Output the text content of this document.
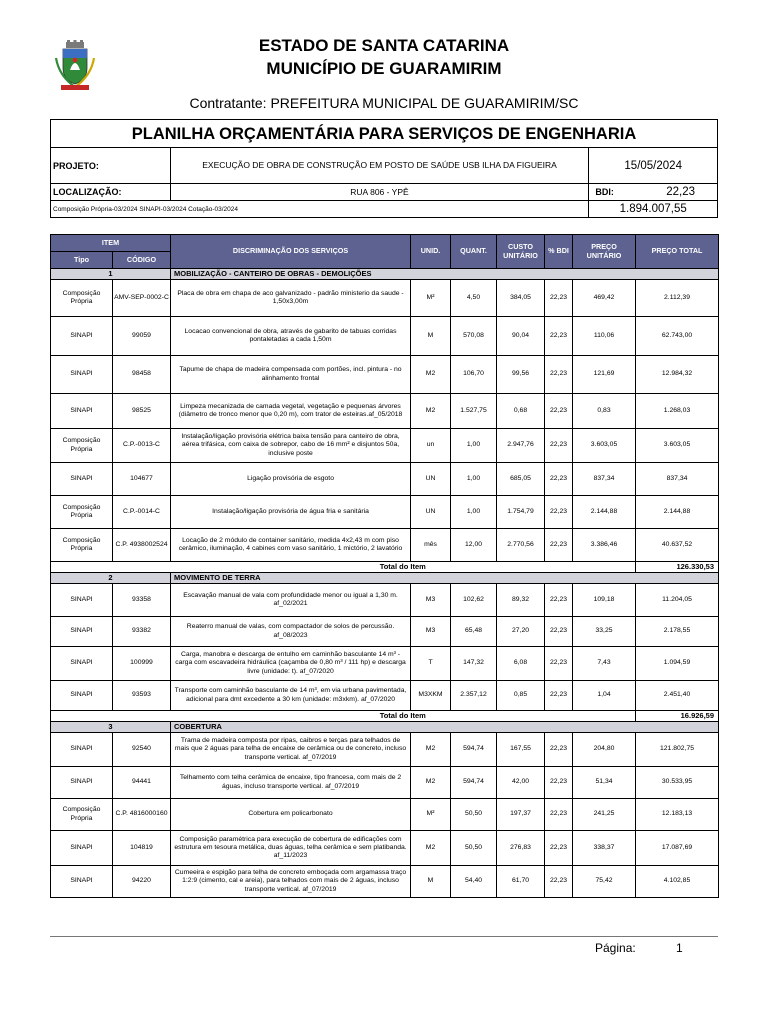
ESTADO DE SANTA CATARINA
MUNICÍPIO DE GUARAMIRIM
Contratante: PREFEITURA MUNICIPAL DE GUARAMIRIM/SC
PLANILHA ORÇAMENTÁRIA PARA SERVIÇOS DE ENGENHARIA
PROJETO:	EXECUÇÃO DE OBRA DE CONSTRUÇÃO EM POSTO DE SAÚDE USB ILHA DA FIGUEIRA	15/05/2024
LOCALIZAÇÃO:	RUA 806 - YPÊ	BDI:	22,23
Composição Própria-03/2024 SINAPI-03/2024 Cotação-03/2024	1.894.007,55
ITEM		DISCRIMINAÇÃO DOS SERVIÇOS	UNID.	QUANT.	CUSTO UNITÁRIO	% BDI	PREÇO UNITÁRIO	PREÇO TOTAL
Tipo	CÓDIGO							
1		MOBILIZAÇÃO - CANTEIRO DE OBRAS - DEMOLIÇÕES						
Composição Própria	AMV-SEP-0002-C	Placa de obra em chapa de aco galvanizado - padrão ministerio da saude - 1,50x3,00m	M²	4,50	384,05	22,23	469,42	2.112,39
SINAPI	99059	Locacao convencional de obra, através de gabarito de tabuas corridas pontaletadas a cada 1,50m	M	570,08	90,04	22,23	110,06	62.743,00
SINAPI	98458	Tapume de chapa de madeira compensada com portões, incl. pintura - no alinhamento frontal	M2	106,70	99,56	22,23	121,69	12.984,32
SINAPI	98525	Limpeza mecanizada de camada vegetal, vegetação e pequenas árvores (diâmetro de tronco menor que 0,20 m), com trator de esteiras.af_05/2018	M2	1.527,75	0,68	22,23	0,83	1.268,03
Composição Própria	C.P.-0013-C	Instalação/ligação provisória elétrica baixa tensão para canteiro de obra, aérea trifásica, com caixa de sobrepor, cabo de 16 mm² e disjuntos 50a, inclusive poste	un	1,00	2.947,76	22,23	3.603,05	3.603,05
SINAPI	104677	Ligação provisória de esgoto	UN	1,00	685,05	22,23	837,34	837,34
Composição Própria	C.P.-0014-C	Instalação/ligação provisória de água fria e sanitária	UN	1,00	1.754,79	22,23	2.144,88	2.144,88
Composição Própria	C.P. 4938002524	Locação de 2 módulo de container sanitário, medida 4x2,43 m com piso cerâmico, iluminação, 4 cabines com vaso sanitário, 1 mictório, 2 lavatório	mês	12,00	2.770,56	22,23	3.386,46	40.637,52
		Total do Item						126.330,53
2		MOVIMENTO DE TERRA						
SINAPI	93358	Escavação manual de vala com profundidade menor ou igual a 1,30 m. af_02/2021	M3	102,62	89,32	22,23	109,18	11.204,05
SINAPI	93382	Reaterro manual de valas, com compactador de solos de percussão. af_08/2023	M3	65,48	27,20	22,23	33,25	2.178,55
SINAPI	100999	Carga, manobra e descarga de entulho em caminhão basculante 14 m³ - carga com escavadeira hidráulica (caçamba de 0,80 m³ / 111 hp) e descarga livre (unidade: t). af_07/2020	T	147,32	6,08	22,23	7,43	1.094,59
SINAPI	93593	Transporte com caminhão basculante de 14 m³, em via urbana pavimentada, adicional para dmt excedente a 30 km (unidade: m3xkm). af_07/2020	M3XKM	2.357,12	0,85	22,23	1,04	2.451,40
		Total do Item						16.926,59
3		COBERTURA						
SINAPI	92540	Trama de madeira composta por ripas, caibros e terças para telhados de mais que 2 águas para telha de encaixe de cerâmica ou de concreto, incluso transporte vertical. af_07/2019	M2	594,74	167,55	22,23	204,80	121.802,75
SINAPI	94441	Telhamento com telha cerâmica de encaixe, tipo francesa, com mais de 2 águas, incluso transporte vertical. af_07/2019	M2	594,74	42,00	22,23	51,34	30.533,95
Composição Própria	C.P. 4816000160	Cobertura em policarbonato	M²	50,50	197,37	22,23	241,25	12.183,13
SINAPI	104819	Composição paramétrica para execução de cobertura de edificações com estrutura em tesoura metálica, duas águas, telha cerâmica e sem platibanda. af_11/2023	M2	50,50	276,83	22,23	338,37	17.087,69
SINAPI	94220	Cumeeira e espigão para telha de concreto emboçada com argamassa traço 1:2:9 (cimento, cal e areia), para telhados com mais de 2 águas, incluso transporte vertical. af_07/2019	M	54,40	61,70	22,23	75,42	4.102,85
Página:	1
